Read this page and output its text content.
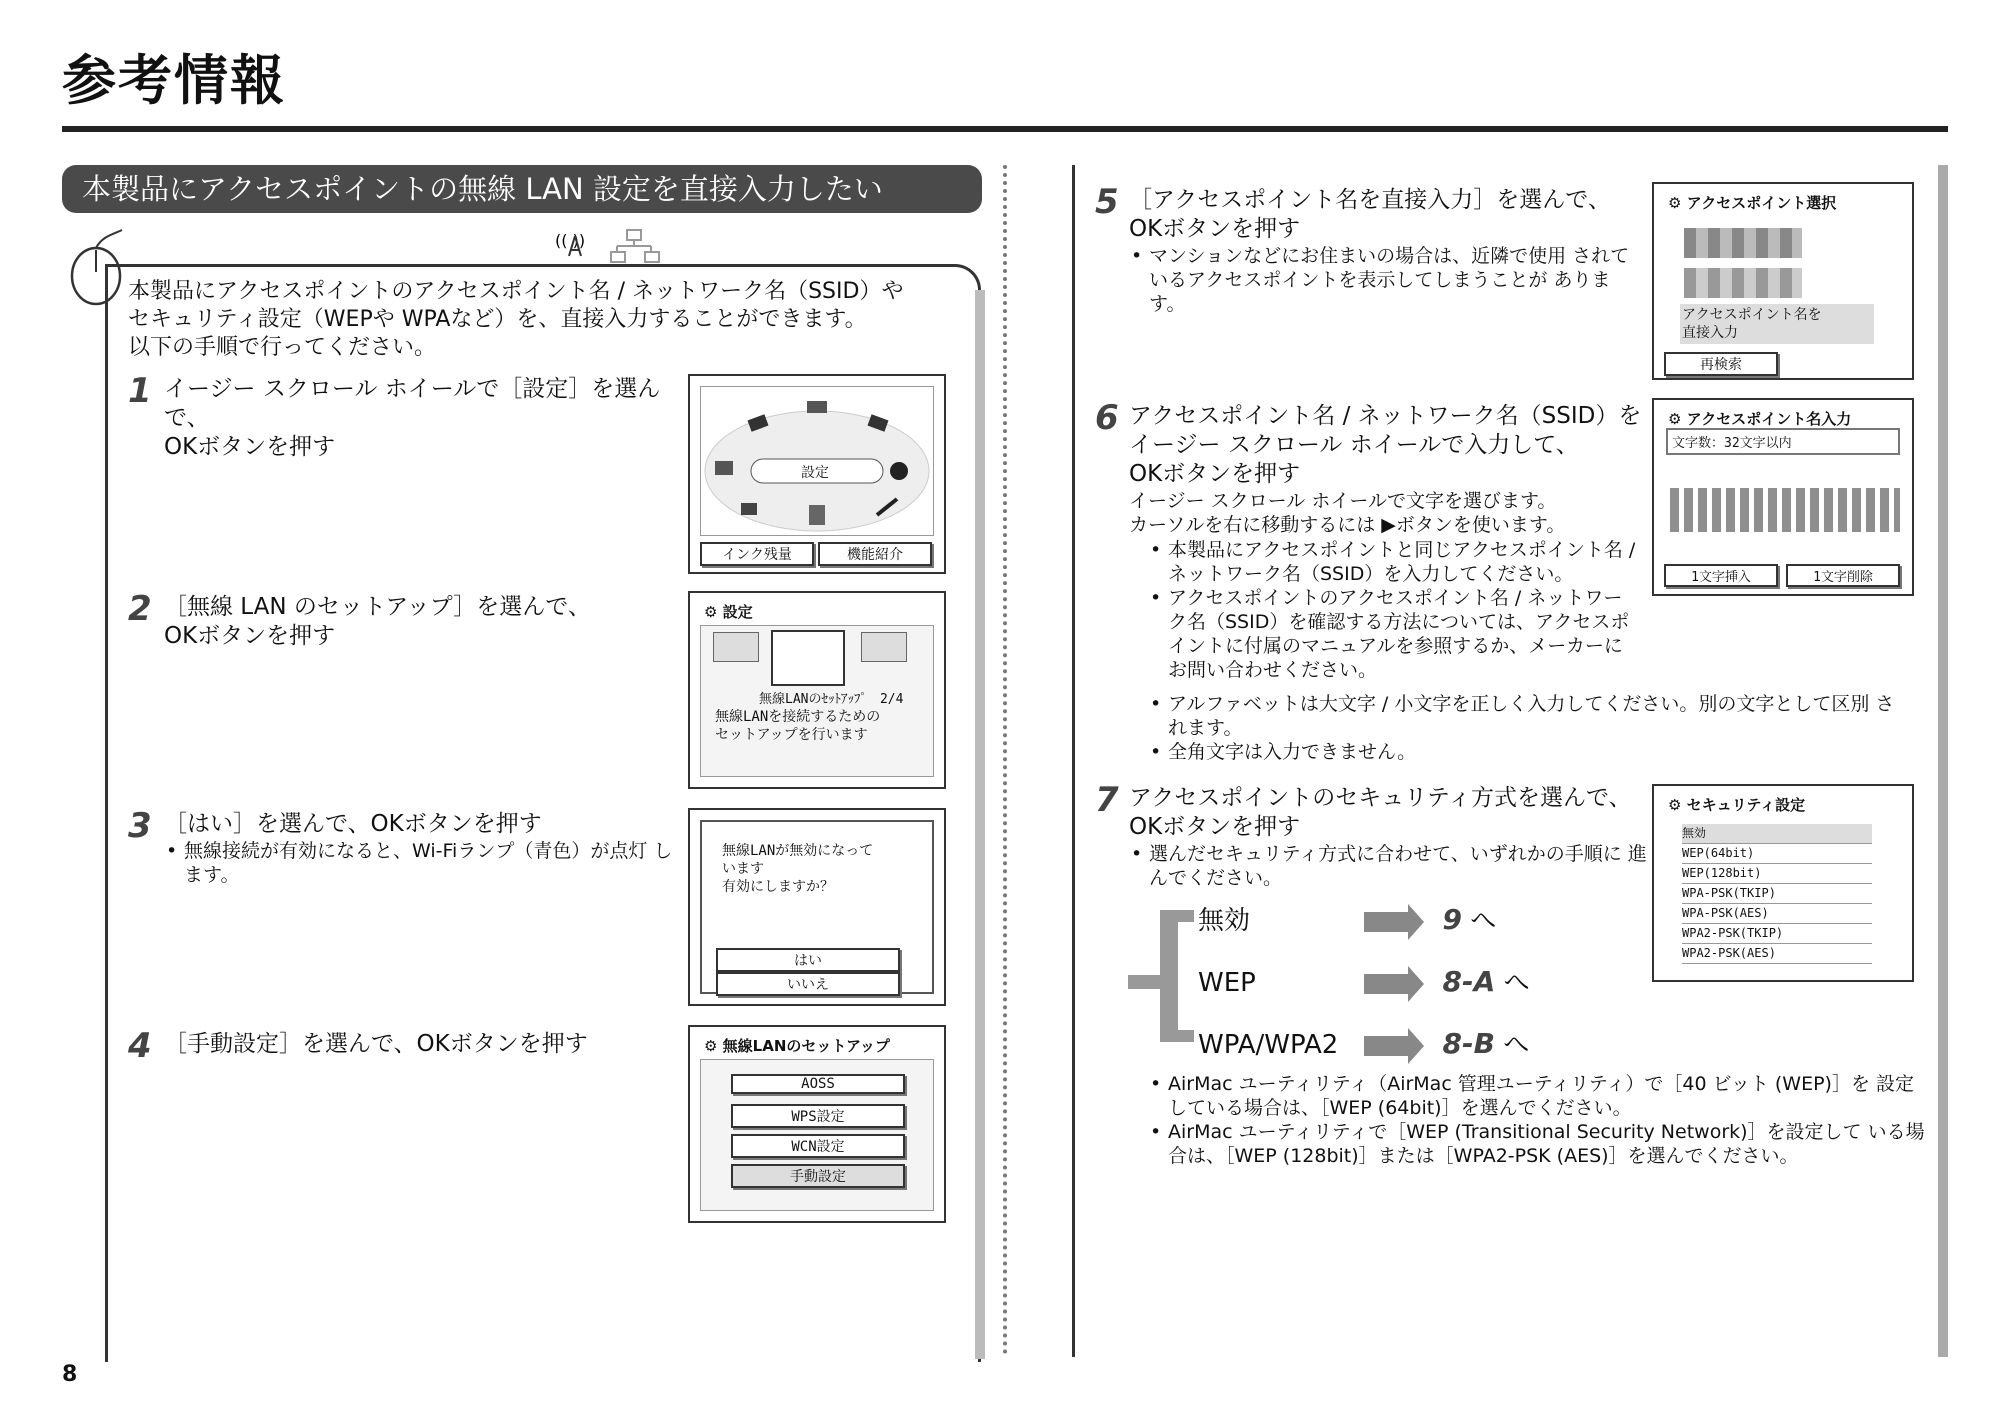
参考情報
本製品にアクセスポイントの無線 LAN 設定を直接入力したい
(( ))
本製品にアクセスポイントのアクセスポイント名 / ネットワーク名（SSID）や
セキュリティ設定（WEPや WPAなど）を、直接入力することができます。
以下の手順で行ってください。
1 イージー スクロール ホイールで［設定］を選んで、
OKボタンを押す
設定
インク残量	機能紹介
2 ［無線 LAN のセットアップ］を選んで、
OKボタンを押す
⚙ 設定
無線LANのｾｯﾄｱｯﾌﾟ　2/4
無線LANを接続するための
セットアップを行います
3 ［はい］を選んで、OKボタンを押す
• 無線接続が有効になると、Wi-Fiランプ（青色）が点灯 します。
無線LANが無効になって
います
有効にしますか？
はい
いいえ
4 ［手動設定］を選んで、OKボタンを押す	⚙ 無線LANのセットアップ
AOSS
WPS設定
WCN設定
手動設定
5 ［アクセスポイント名を直接入力］を選んで、
OKボタンを押す
• マンションなどにお住まいの場合は、近隣で使用 されているアクセスポイントを表示してしまうことが あります。
⚙ アクセスポイント選択
アクセスポイント名を
直接入力
再検索
6 アクセスポイント名 / ネットワーク名（SSID）を
イージー スクロール ホイールで入力して、
OKボタンを押す
イージー スクロール ホイールで文字を選びます。
カーソルを右に移動するには ▶ボタンを使います。
• 本製品にアクセスポイントと同じアクセスポイント名 / ネットワーク名（SSID）を入力してください。
• アクセスポイントのアクセスポイント名 / ネットワーク名（SSID）を確認する方法については、アクセスポイントに付属のマニュアルを参照するか、メーカーにお問い合わせください。
• アルファベットは大文字 / 小文字を正しく入力してください。別の文字として区別 されます。
• 全角文字は入力できません。
⚙ アクセスポイント名入力
文字数：32文字以内
1文字挿入	1文字削除
7 アクセスポイントのセキュリティ方式を選んで、
OKボタンを押す
• 選んだセキュリティ方式に合わせて、いずれかの手順に 進んでください。
⚙ セキュリティ設定
無効
WEP(64bit)
WEP(128bit)
WPA-PSK(TKIP)
WPA-PSK(AES)
WPA2-PSK(TKIP)
WPA2-PSK(AES)
無効	9 へ
WEP	8-A へ
WPA/WPA2	8-B へ
• AirMac ユーティリティ（AirMac 管理ユーティリティ）で［40 ビット (WEP)］を 設定している場合は、［WEP (64bit)］を選んでください。
• AirMac ユーティリティで［WEP (Transitional Security Network)］を設定して いる場合は、［WEP (128bit)］または［WPA2-PSK (AES)］を選んでください。
8
